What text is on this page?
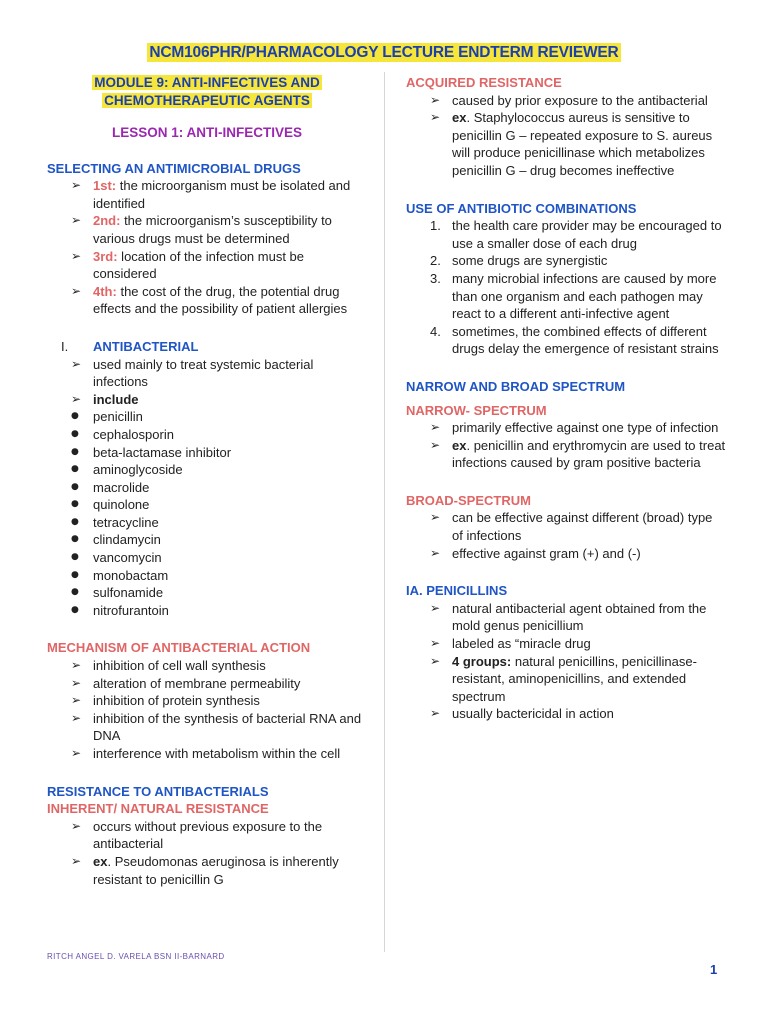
NCM106PHR/PHARMACOLOGY LECTURE ENDTERM REVIEWER
MODULE 9: ANTI-INFECTIVES AND
CHEMOTHERAPEUTIC AGENTS
LESSON 1: ANTI-INFECTIVES
SELECTING AN ANTIMICROBIAL DRUGS
➢ 1st: the microorganism must be isolated and identified
➢ 2nd: the microorganism’s susceptibility to various drugs must be determined
➢ 3rd: location of the infection must be considered
➢ 4th: the cost of the drug, the potential drug effects and the possibility of patient allergies
I. ANTIBACTERIAL
➢ used mainly to treat systemic bacterial infections
➢ include
● penicillin
● cephalosporin
● beta-lactamase inhibitor
● aminoglycoside
● macrolide
● quinolone
● tetracycline
● clindamycin
● vancomycin
● monobactam
● sulfonamide
● nitrofurantoin
MECHANISM OF ANTIBACTERIAL ACTION
➢ inhibition of cell wall synthesis
➢ alteration of membrane permeability
➢ inhibition of protein synthesis
➢ inhibition of the synthesis of bacterial RNA and DNA
➢ interference with metabolism within the cell
RESISTANCE TO ANTIBACTERIALS
INHERENT/ NATURAL RESISTANCE
➢ occurs without previous exposure to the antibacterial
➢ ex. Pseudomonas aeruginosa is inherently resistant to penicillin G
ACQUIRED RESISTANCE
➢ caused by prior exposure to the antibacterial
➢ ex. Staphylococcus aureus is sensitive to penicillin G – repeated exposure to S. aureus will produce penicillinase which metabolizes penicillin G – drug becomes ineffective
USE OF ANTIBIOTIC COMBINATIONS
1. the health care provider may be encouraged to use a smaller dose of each drug
2. some drugs are synergistic
3. many microbial infections are caused by more than one organism and each pathogen may react to a different anti-infective agent
4. sometimes, the combined effects of different drugs delay the emergence of resistant strains
NARROW AND BROAD SPECTRUM
NARROW- SPECTRUM
➢ primarily effective against one type of infection
➢ ex. penicillin and erythromycin are used to treat infections caused by gram positive bacteria
BROAD-SPECTRUM
➢ can be effective against different (broad) type of infections
➢ effective against gram (+) and (-)
IA. PENICILLINS
➢ natural antibacterial agent obtained from the mold genus penicillium
➢ labeled as “miracle drug
➢ 4 groups: natural penicillins, penicillinase-resistant, aminopenicillins, and extended spectrum
➢ usually bactericidal in action
RITCH ANGEL D. VARELA BSN II-BARNARD
1
